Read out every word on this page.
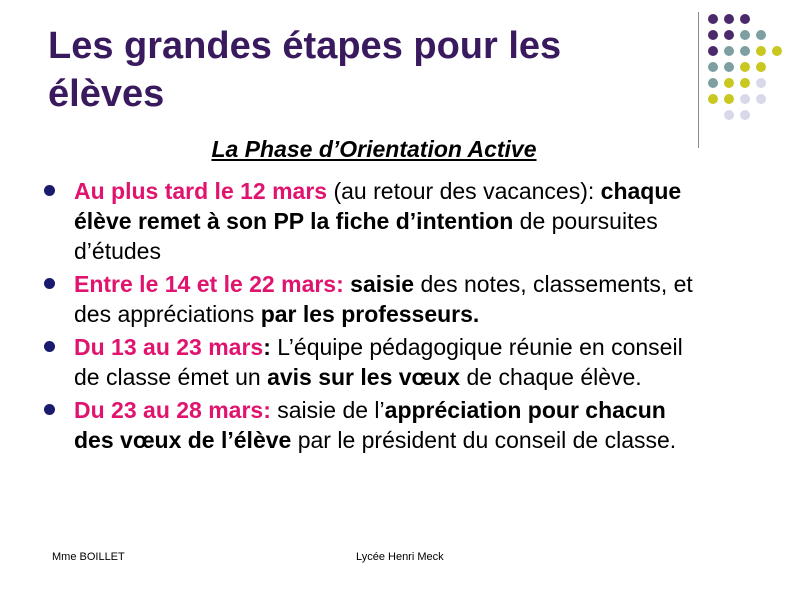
Les grandes étapes pour les élèves
La Phase d’Orientation Active
Au plus tard le 12 mars (au retour des vacances): chaque élève remet à son PP la fiche d’intention de poursuites d’études
Entre le 14 et le 22 mars: saisie des notes, classements, et des appréciations par les professeurs.
Du 13 au 23 mars: L’équipe pédagogique réunie en conseil de classe émet un avis sur les vœux de chaque élève.
Du 23 au 28 mars: saisie de l’appréciation pour chacun des vœux de l’élève par le président du conseil de classe.
Mme BOILLET	Lycée Henri Meck
